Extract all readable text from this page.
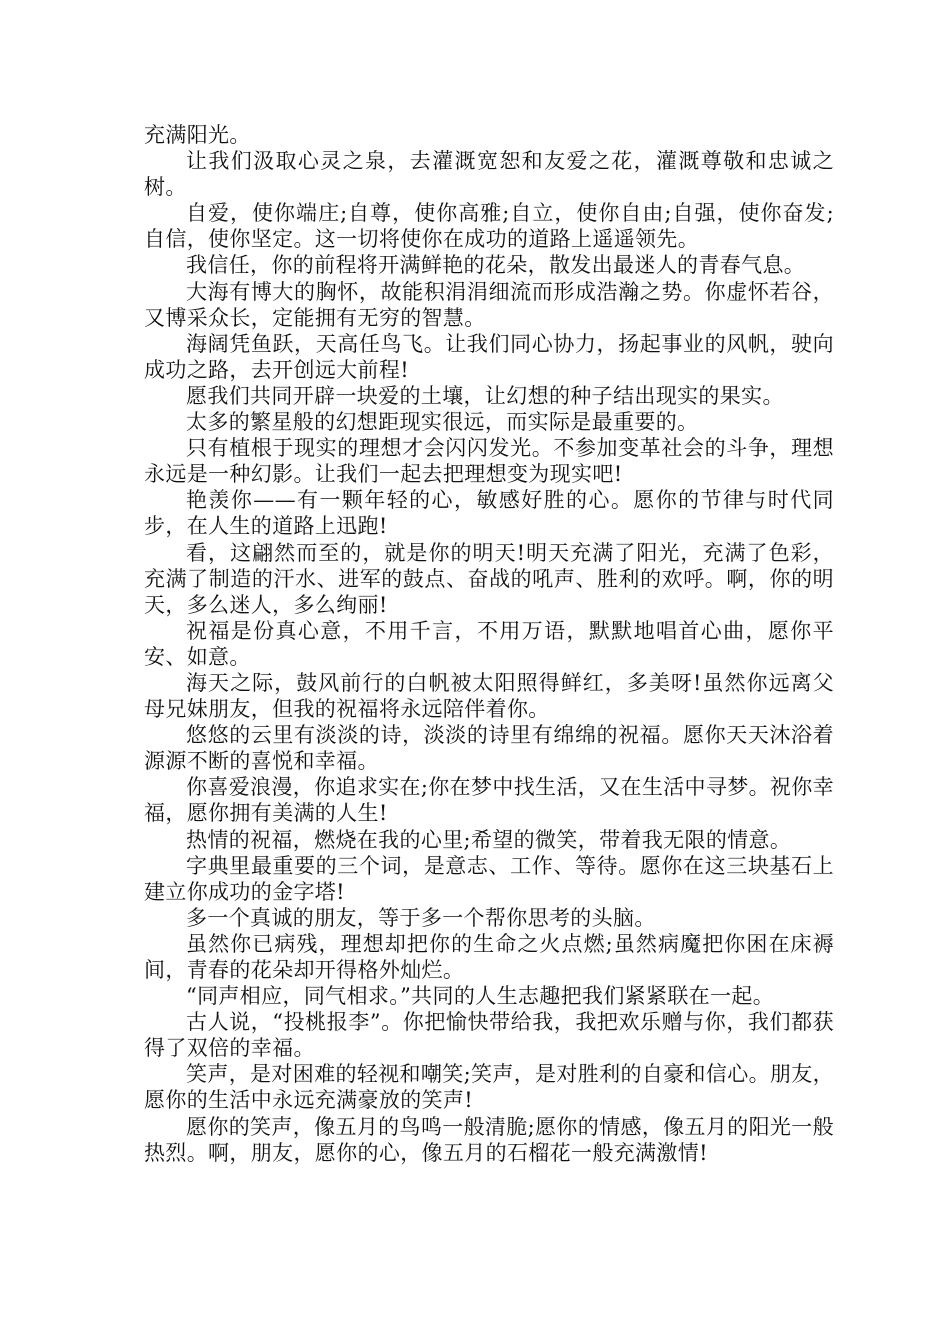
充满阳光。

让我们汲取心灵之泉，去灌溉宽恕和友爱之花，灌溉尊敬和忠诚之树。

自爱，使你端庄;自尊，使你高雅;自立，使你自由;自强，使你奋发;自信，使你坚定。这一切将使你在成功的道路上遥遥领先。

我信任，你的前程将开满鲜艳的花朵，散发出最迷人的青春气息。

大海有博大的胸怀，故能积涓涓细流而形成浩瀚之势。你虚怀若谷，又博采众长，定能拥有无穷的智慧。

海阔凭鱼跃，天高任鸟飞。让我们同心协力，扬起事业的风帆，驶向成功之路，去开创远大前程!

愿我们共同开辟一块爱的土壤，让幻想的种子结出现实的果实。

太多的繁星般的幻想距现实很远，而实际是最重要的。

只有植根于现实的理想才会闪闪发光。不参加变革社会的斗争，理想永远是一种幻影。让我们一起去把理想变为现实吧!

艳羡你——有一颗年轻的心，敏感好胜的心。愿你的节律与时代同步，在人生的道路上迅跑!

看，这翩然而至的，就是你的明天!明天充满了阳光，充满了色彩，充满了制造的汗水、进军的鼓点、奋战的吼声、胜利的欢呼。啊，你的明天，多么迷人，多么绚丽!

祝福是份真心意，不用千言，不用万语，默默地唱首心曲，愿你平安、如意。

海天之际，鼓风前行的白帆被太阳照得鲜红，多美呀!虽然你远离父母兄妹朋友，但我的祝福将永远陪伴着你。

悠悠的云里有淡淡的诗，淡淡的诗里有绵绵的祝福。愿你天天沐浴着源源不断的喜悦和幸福。

你喜爱浪漫，你追求实在;你在梦中找生活，又在生活中寻梦。祝你幸福，愿你拥有美满的人生!

热情的祝福，燃烧在我的心里;希望的微笑，带着我无限的情意。

字典里最重要的三个词，是意志、工作、等待。愿你在这三块基石上建立你成功的金字塔!

多一个真诚的朋友，等于多一个帮你思考的头脑。

虽然你已病残，理想却把你的生命之火点燃;虽然病魔把你困在床褥间，青春的花朵却开得格外灿烂。

“同声相应，同气相求。”共同的人生志趣把我们紧紧联在一起。

古人说，“投桃报李”。你把愉快带给我，我把欢乐赠与你，我们都获得了双倍的幸福。

笑声，是对困难的轻视和嘲笑;笑声，是对胜利的自豪和信心。朋友，愿你的生活中永远充满豪放的笑声!

愿你的笑声，像五月的鸟鸣一般清脆;愿你的情感，像五月的阳光一般热烈。啊，朋友，愿你的心，像五月的石榴花一般充满激情!
